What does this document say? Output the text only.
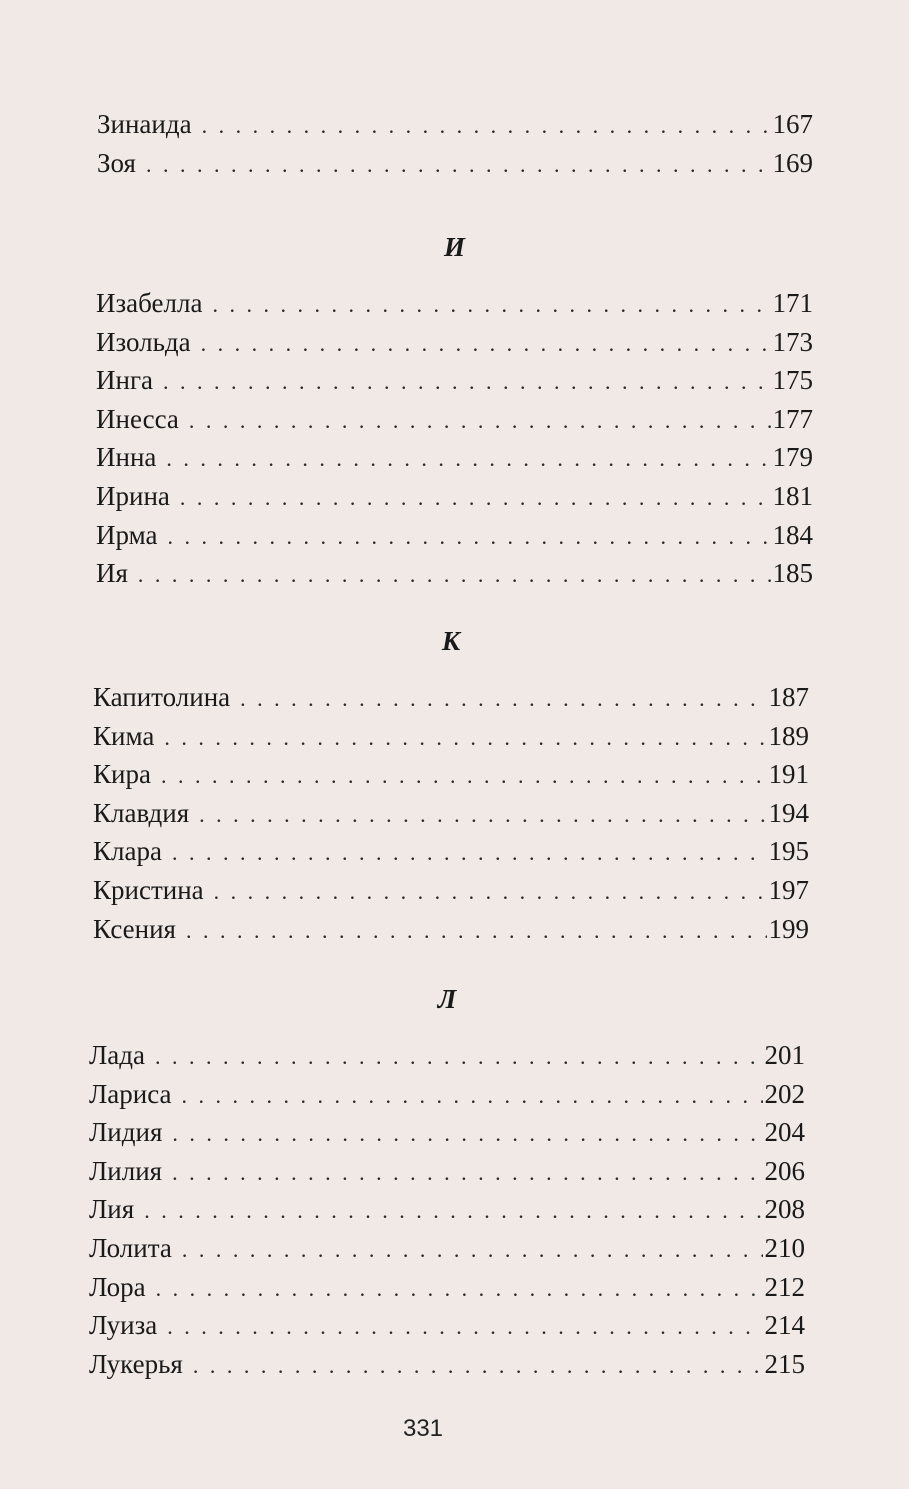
Зинаида . . .	167
Зоя . . .	169
И
Изабелла . . .	171
Изольда . . .	173
Инга . . .	175
Инесса . . .	177
Инна . . .	179
Ирина . . .	181
Ирма . . .	184
Ия . . .	185
К
Капитолина . . .	187
Кима . . .	189
Кира . . .	191
Клавдия . . .	194
Клара . . .	195
Кристина . . .	197
Ксения . . .	199
Л
Лада . . .	201
Лариса . . .	202
Лидия . . .	204
Лилия . . .	206
Лия . . .	208
Лолита . . .	210
Лора . . .	212
Луиза . . .	214
Лукерья . . .	215
331
